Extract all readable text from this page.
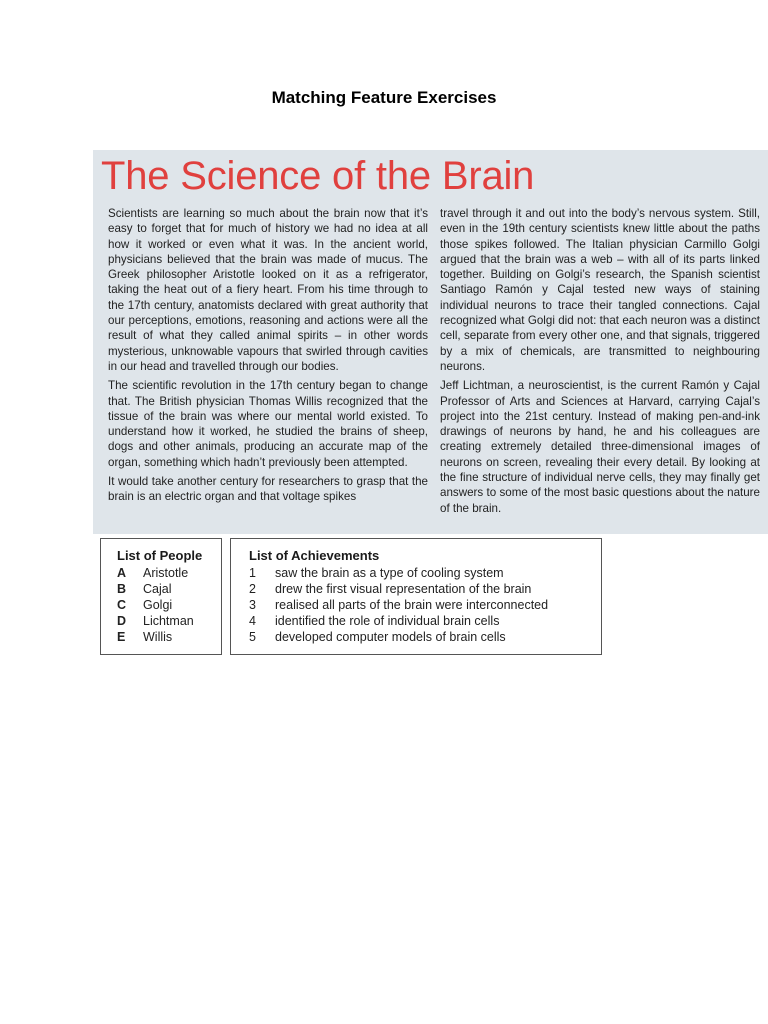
Matching Feature Exercises
The Science of the Brain

Scientists are learning so much about the brain now that it’s easy to forget that for much of history we had no idea at all how it worked or even what it was. In the ancient world, physicians believed that the brain was made of mucus. The Greek philosopher Aristotle looked on it as a refrigerator, taking the heat out of a fiery heart. From his time through to the 17th century, anatomists declared with great authority that our perceptions, emotions, reasoning and actions were all the result of what they called animal spirits – in other words mysterious, unknowable vapours that swirled through cavities in our head and travelled through our bodies.

The scientific revolution in the 17th century began to change that. The British physician Thomas Willis recognized that the tissue of the brain was where our mental world existed. To understand how it worked, he studied the brains of sheep, dogs and other animals, producing an accurate map of the organ, something which hadn’t previously been attempted.

It would take another century for researchers to grasp that the brain is an electric organ and that voltage spikes

travel through it and out into the body’s nervous system. Still, even in the 19th century scientists knew little about the paths those spikes followed. The Italian physician Carmillo Golgi argued that the brain was a web – with all of its parts linked together. Building on Golgi’s research, the Spanish scientist Santiago Ramón y Cajal tested new ways of staining individual neurons to trace their tangled connections. Cajal recognized what Golgi did not: that each neuron was a distinct cell, separate from every other one, and that signals, triggered by a mix of chemicals, are transmitted to neighbouring neurons.

Jeff Lichtman, a neuroscientist, is the current Ramón y Cajal Professor of Arts and Sciences at Harvard, carrying Cajal’s project into the 21st century. Instead of making pen-and-ink drawings of neurons by hand, he and his colleagues are creating extremely detailed three-dimensional images of neurons on screen, revealing their every detail. By looking at the fine structure of individual nerve cells, they may finally get answers to some of the most basic questions about the nature of the brain.

List of People
A Aristotle
B Cajal
C Golgi
D Lichtman
E Willis
List of Achievements
1 saw the brain as a type of cooling system
2 drew the first visual representation of the brain
3 realised all parts of the brain were interconnected
4 identified the role of individual brain cells
5 developed computer models of brain cells
